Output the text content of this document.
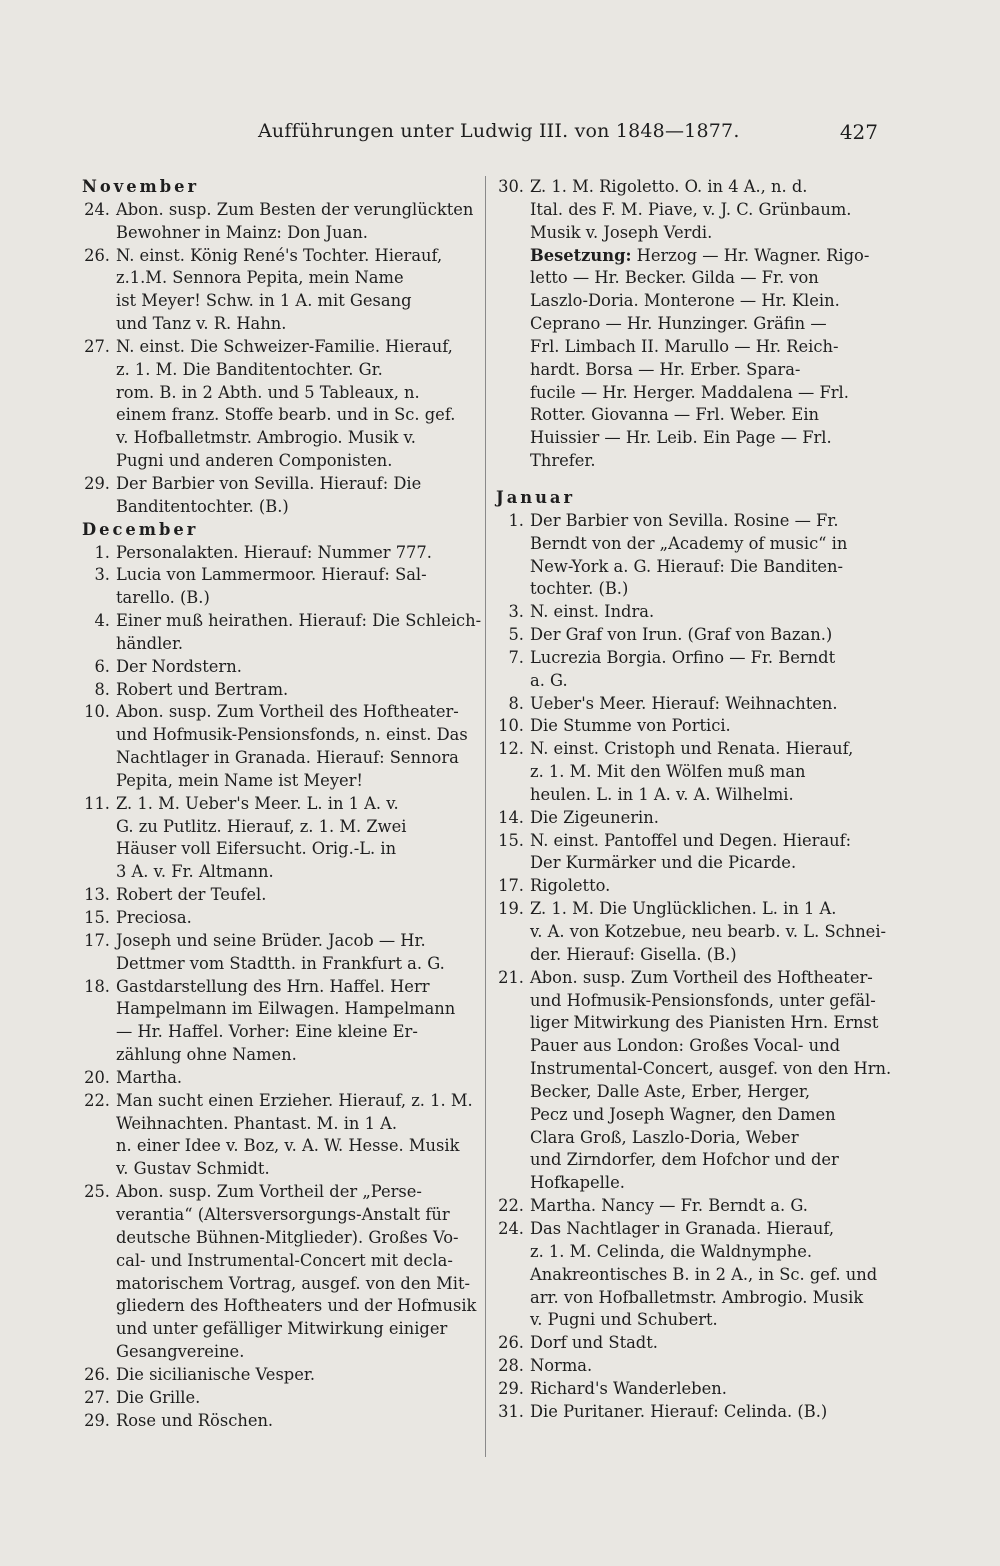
Aufführungen unter Ludwig III. von 1848—1877.	427
November
24. Abon. susp. Zum Besten der verunglückten
Bewohner in Mainz: Don Juan.
26. N. einst. König René's Tochter. Hierauf,
z.1.M. Sennora Pepita, mein Name
ist Meyer! Schw. in 1 A. mit Gesang
und Tanz v. R. Hahn.
27. N. einst. Die Schweizer-Familie. Hierauf,
z. 1. M. Die Banditentochter. Gr.
rom. B. in 2 Abth. und 5 Tableaux, n.
einem franz. Stoffe bearb. und in Sc. gef.
v. Hofballetmstr. Ambrogio. Musik v.
Pugni und anderen Componisten.
29. Der Barbier von Sevilla. Hierauf: Die
Banditentochter. (B.)
December
1. Personalakten. Hierauf: Nummer 777.
3. Lucia von Lammermoor. Hierauf: Sal-
tarello. (B.)
4. Einer muß heirathen. Hierauf: Die Schleich-
händler.
6. Der Nordstern.
8. Robert und Bertram.
10. Abon. susp. Zum Vortheil des Hoftheater-
und Hofmusik-Pensionsfonds, n. einst. Das
Nachtlager in Granada. Hierauf: Sennora
Pepita, mein Name ist Meyer!
11. Z. 1. M. Ueber's Meer. L. in 1 A. v.
G. zu Putlitz. Hierauf, z. 1. M. Zwei
Häuser voll Eifersucht. Orig.-L. in
3 A. v. Fr. Altmann.
13. Robert der Teufel.
15. Preciosa.
17. Joseph und seine Brüder. Jacob — Hr.
Dettmer vom Stadtth. in Frankfurt a. G.
18. Gastdarstellung des Hrn. Haffel. Herr
Hampelmann im Eilwagen. Hampelmann
— Hr. Haffel. Vorher: Eine kleine Er-
zählung ohne Namen.
20. Martha.
22. Man sucht einen Erzieher. Hierauf, z. 1. M.
Weihnachten. Phantast. M. in 1 A.
n. einer Idee v. Boz, v. A. W. Hesse. Musik
v. Gustav Schmidt.
25. Abon. susp. Zum Vortheil der „Perse-
verantia“ (Altersversorgungs-Anstalt für
deutsche Bühnen-Mitglieder). Großes Vo-
cal- und Instrumental-Concert mit decla-
matorischem Vortrag, ausgef. von den Mit-
gliedern des Hoftheaters und der Hofmusik
und unter gefälliger Mitwirkung einiger
Gesangvereine.
26. Die sicilianische Vesper.
27. Die Grille.
29. Rose und Röschen.
30. Z. 1. M. Rigoletto. O. in 4 A., n. d.
Ital. des F. M. Piave, v. J. C. Grünbaum.
Musik v. Joseph Verdi.
Besetzung: Herzog — Hr. Wagner. Rigo-
letto — Hr. Becker. Gilda — Fr. von
Laszlo-Doria. Monterone — Hr. Klein.
Ceprano — Hr. Hunzinger. Gräfin —
Frl. Limbach II. Marullo — Hr. Reich-
hardt. Borsa — Hr. Erber. Spara-
fucile — Hr. Herger. Maddalena — Frl.
Rotter. Giovanna — Frl. Weber. Ein
Huissier — Hr. Leib. Ein Page — Frl.
Threfer.
Januar
1. Der Barbier von Sevilla. Rosine — Fr.
Berndt von der „Academy of music“ in
New-York a. G. Hierauf: Die Banditen-
tochter. (B.)
3. N. einst. Indra.
5. Der Graf von Irun. (Graf von Bazan.)
7. Lucrezia Borgia. Orfino — Fr. Berndt
a. G.
8. Ueber's Meer. Hierauf: Weihnachten.
10. Die Stumme von Portici.
12. N. einst. Cristoph und Renata. Hierauf,
z. 1. M. Mit den Wölfen muß man
heulen. L. in 1 A. v. A. Wilhelmi.
14. Die Zigeunerin.
15. N. einst. Pantoffel und Degen. Hierauf:
Der Kurmärker und die Picarde.
17. Rigoletto.
19. Z. 1. M. Die Unglücklichen. L. in 1 A.
v. A. von Kotzebue, neu bearb. v. L. Schnei-
der. Hierauf: Gisella. (B.)
21. Abon. susp. Zum Vortheil des Hoftheater-
und Hofmusik-Pensionsfonds, unter gefäl-
liger Mitwirkung des Pianisten Hrn. Ernst
Pauer aus London: Großes Vocal- und
Instrumental-Concert, ausgef. von den Hrn.
Becker, Dalle Aste, Erber, Herger,
Pecz und Joseph Wagner, den Damen
Clara Groß, Laszlo-Doria, Weber
und Zirndorfer, dem Hofchor und der
Hofkapelle.
22. Martha. Nancy — Fr. Berndt a. G.
24. Das Nachtlager in Granada. Hierauf,
z. 1. M. Celinda, die Waldnymphe.
Anakreontisches B. in 2 A., in Sc. gef. und
arr. von Hofballetmstr. Ambrogio. Musik
v. Pugni und Schubert.
26. Dorf und Stadt.
28. Norma.
29. Richard's Wanderleben.
31. Die Puritaner. Hierauf: Celinda. (B.)
